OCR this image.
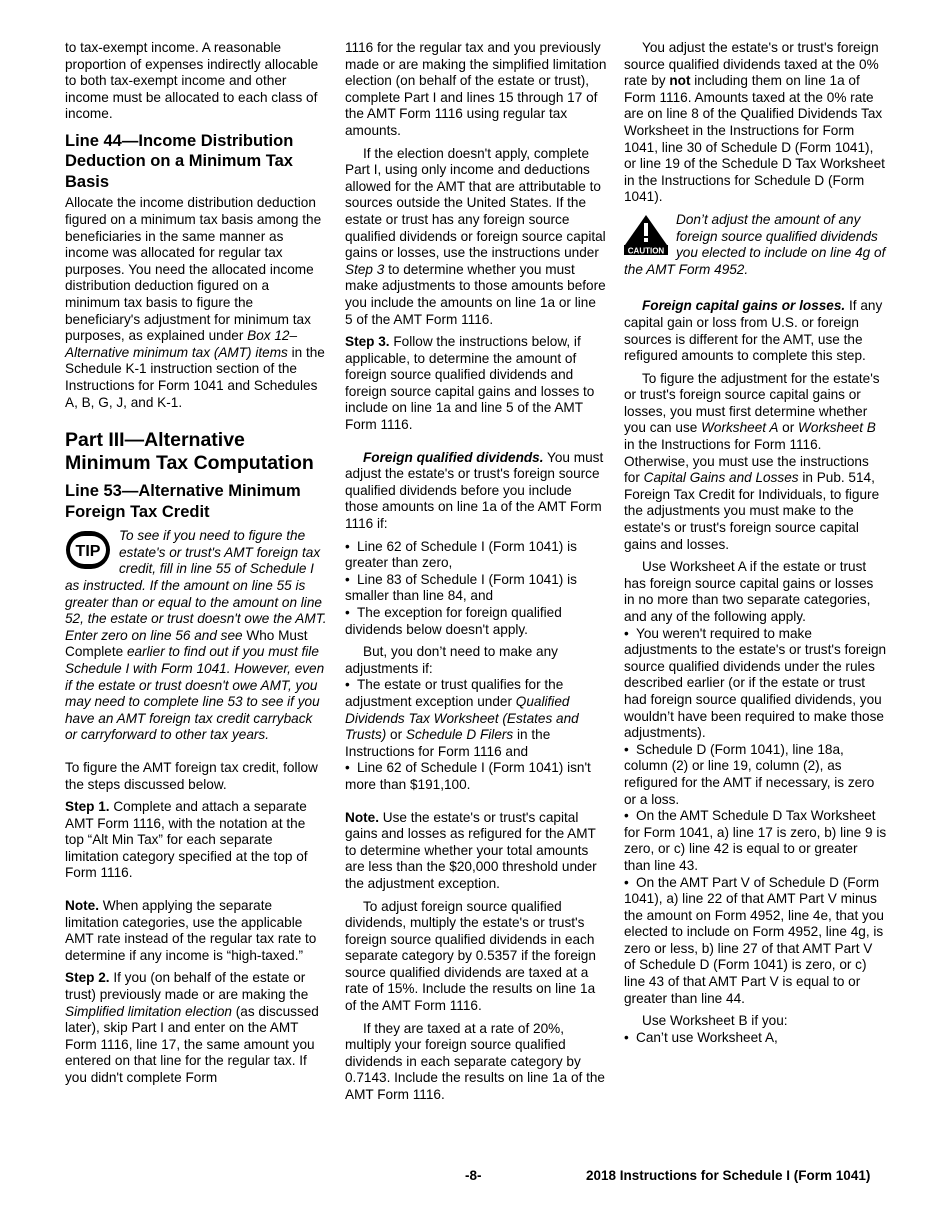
to tax-exempt income. A reasonable proportion of expenses indirectly allocable to both tax-exempt income and other income must be allocated to each class of income.

Line 44—Income Distribution Deduction on a Minimum Tax Basis

Allocate the income distribution deduction figured on a minimum tax basis among the beneficiaries in the same manner as income was allocated for regular tax purposes. You need the allocated income distribution deduction figured on a minimum tax basis to figure the beneficiary's adjustment for minimum tax purposes, as explained under Box 12–Alternative minimum tax (AMT) items in the Schedule K-1 instruction section of the Instructions for Form 1041 and Schedules A, B, G, J, and K-1.

Part III—Alternative Minimum Tax Computation
Line 53—Alternative Minimum Foreign Tax Credit
TIP
To see if you need to figure the estate's or trust's AMT foreign tax credit, fill in line 55 of Schedule I as instructed. If the amount on line 55 is greater than or equal to the amount on line 52, the estate or trust doesn't owe the AMT. Enter zero on line 56 and see Who Must Complete earlier to find out if you must file Schedule I with Form 1041. However, even if the estate or trust doesn't owe AMT, you may need to complete line 53 to see if you have an AMT foreign tax credit carryback or carryforward to other tax years.

To figure the AMT foreign tax credit, follow the steps discussed below.

Step 1. Complete and attach a separate AMT Form 1116, with the notation at the top “Alt Min Tax” for each separate limitation category specified at the top of Form 1116.

Note. When applying the separate limitation categories, use the applicable AMT rate instead of the regular tax rate to determine if any income is “high-taxed.”

Step 2. If you (on behalf of the estate or trust) previously made or are making the Simplified limitation election (as discussed later), skip Part I and enter on the AMT Form 1116, line 17, the same amount you entered on that line for the regular tax. If you didn't complete Form

1116 for the regular tax and you previously made or are making the simplified limitation election (on behalf of the estate or trust), complete Part I and lines 15 through 17 of the AMT Form 1116 using regular tax amounts.

If the election doesn't apply, complete Part I, using only income and deductions allowed for the AMT that are attributable to sources outside the United States. If the estate or trust has any foreign source qualified dividends or foreign source capital gains or losses, use the instructions under Step 3 to determine whether you must make adjustments to those amounts before you include the amounts on line 1a or line 5 of the AMT Form 1116.

Step 3. Follow the instructions below, if applicable, to determine the amount of foreign source qualified dividends and foreign source capital gains and losses to include on line 1a and line 5 of the AMT Form 1116.

Foreign qualified dividends. You must adjust the estate's or trust's foreign source qualified dividends before you include those amounts on line 1a of the AMT Form 1116 if:

• Line 62 of Schedule I (Form 1041) is greater than zero,
• Line 83 of Schedule I (Form 1041) is smaller than line 84, and
• The exception for foreign qualified dividends below doesn't apply.

But, you don’t need to make any adjustments if:

• The estate or trust qualifies for the adjustment exception under Qualified Dividends Tax Worksheet (Estates and Trusts) or Schedule D Filers in the Instructions for Form 1116 and
• Line 62 of Schedule I (Form 1041) isn't more than $191,100.

Note. Use the estate's or trust's capital gains and losses as refigured for the AMT to determine whether your total amounts are less than the $20,000 threshold under the adjustment exception.

To adjust foreign source qualified dividends, multiply the estate's or trust's foreign source qualified dividends in each separate category by 0.5357 if the foreign source qualified dividends are taxed at a rate of 15%. Include the results on line 1a of the AMT Form 1116.

If they are taxed at a rate of 20%, multiply your foreign source qualified dividends in each separate category by 0.7143. Include the results on line 1a of the AMT Form 1116.

You adjust the estate's or trust's foreign source qualified dividends taxed at the 0% rate by not including them on line 1a of Form 1116. Amounts taxed at the 0% rate are on line 8 of the Qualified Dividends Tax Worksheet in the Instructions for Form 1041, line 30 of Schedule D (Form 1041), or line 19 of the Schedule D Tax Worksheet in the Instructions for Schedule D (Form 1041).

CAUTION
Don’t adjust the amount of any foreign source qualified dividends you elected to include on line 4g of the AMT Form 4952.

Foreign capital gains or losses. If any capital gain or loss from U.S. or foreign sources is different for the AMT, use the refigured amounts to complete this step.

To figure the adjustment for the estate's or trust's foreign source capital gains or losses, you must first determine whether you can use Worksheet A or Worksheet B in the Instructions for Form 1116. Otherwise, you must use the instructions for Capital Gains and Losses in Pub. 514, Foreign Tax Credit for Individuals, to figure the adjustments you must make to the estate's or trust's foreign source capital gains and losses.

Use Worksheet A if the estate or trust has foreign source capital gains or losses in no more than two separate categories, and any of the following apply.

• You weren't required to make adjustments to the estate's or trust's foreign source qualified dividends under the rules described earlier (or if the estate or trust had foreign source qualified dividends, you wouldn’t have been required to make those adjustments).
• Schedule D (Form 1041), line 18a, column (2) or line 19, column (2), as refigured for the AMT if necessary, is zero or a loss.
• On the AMT Schedule D Tax Worksheet for Form 1041, a) line 17 is zero, b) line 9 is zero, or c) line 42 is equal to or greater than line 43.
• On the AMT Part V of Schedule D (Form 1041), a) line 22 of that AMT Part V minus the amount on Form 4952, line 4e, that you elected to include on Form 4952, line 4g, is zero or less, b) line 27 of that AMT Part V of Schedule D (Form 1041) is zero, or c) line 43 of that AMT Part V is equal to or greater than line 44.

Use Worksheet B if you:

• Can’t use Worksheet A,
-8-	2018 Instructions for Schedule I (Form 1041)
